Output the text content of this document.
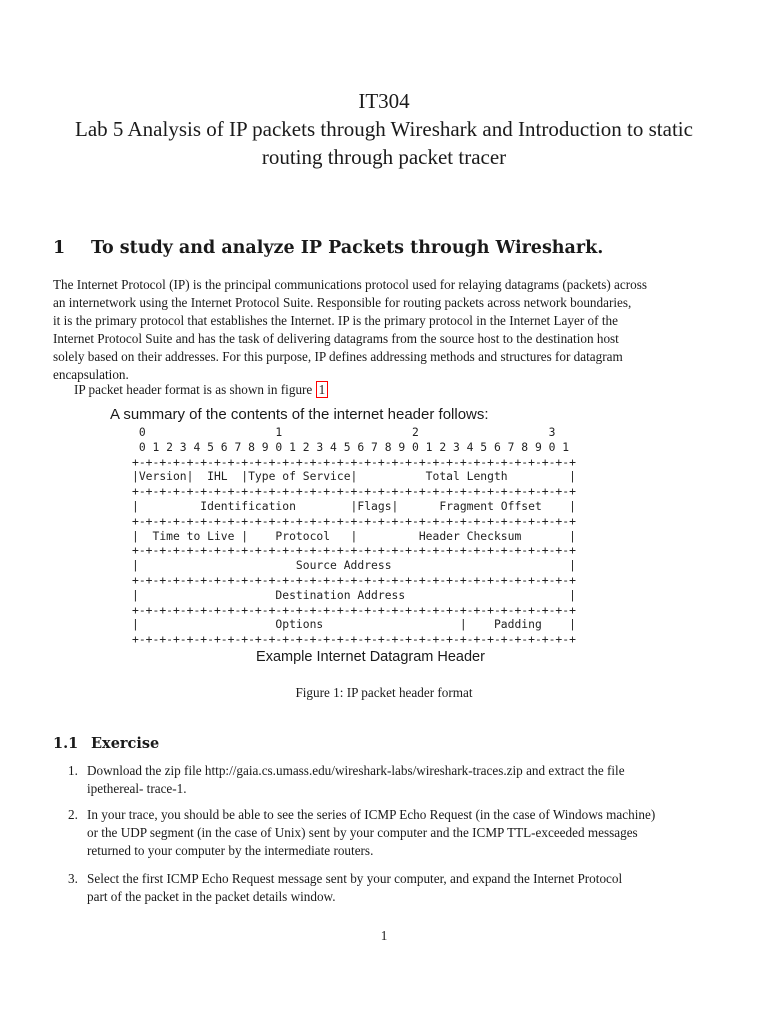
IT304
Lab 5 Analysis of IP packets through Wireshark and Introduction to static
routing through packet tracer
1 To study and analyze IP Packets through Wireshark.
The Internet Protocol (IP) is the principal communications protocol used for relaying datagrams (packets) across
an internetwork using the Internet Protocol Suite. Responsible for routing packets across network boundaries,
it is the primary protocol that establishes the Internet. IP is the primary protocol in the Internet Layer of the
Internet Protocol Suite and has the task of delivering datagrams from the source host to the destination host
solely based on their addresses. For this purpose, IP defines addressing methods and structures for datagram
encapsulation.
IP packet header format is as shown in figure 1
A summary of the contents of the internet header follows:
0                   1                   2                   3
0 1 2 3 4 5 6 7 8 9 0 1 2 3 4 5 6 7 8 9 0 1 2 3 4 5 6 7 8 9 0 1
+-+-+-+-+-+-+-+-+-+-+-+-+-+-+-+-+-+-+-+-+-+-+-+-+-+-+-+-+-+-+-+-+
|Version|  IHL  |Type of Service|          Total Length         |
+-+-+-+-+-+-+-+-+-+-+-+-+-+-+-+-+-+-+-+-+-+-+-+-+-+-+-+-+-+-+-+-+
|         Identification        |Flags|      Fragment Offset    |
+-+-+-+-+-+-+-+-+-+-+-+-+-+-+-+-+-+-+-+-+-+-+-+-+-+-+-+-+-+-+-+-+
|  Time to Live |    Protocol   |         Header Checksum       |
+-+-+-+-+-+-+-+-+-+-+-+-+-+-+-+-+-+-+-+-+-+-+-+-+-+-+-+-+-+-+-+-+
|                       Source Address                          |
+-+-+-+-+-+-+-+-+-+-+-+-+-+-+-+-+-+-+-+-+-+-+-+-+-+-+-+-+-+-+-+-+
|                    Destination Address                        |
+-+-+-+-+-+-+-+-+-+-+-+-+-+-+-+-+-+-+-+-+-+-+-+-+-+-+-+-+-+-+-+-+
|                    Options                    |    Padding    |
+-+-+-+-+-+-+-+-+-+-+-+-+-+-+-+-+-+-+-+-+-+-+-+-+-+-+-+-+-+-+-+-+
Example Internet Datagram Header
Figure 1: IP packet header format
1.1 Exercise
1. Download the zip file http://gaia.cs.umass.edu/wireshark-labs/wireshark-traces.zip and extract the file
ipethereal- trace-1.
2. In your trace, you should be able to see the series of ICMP Echo Request (in the case of Windows machine)
or the UDP segment (in the case of Unix) sent by your computer and the ICMP TTL-exceeded messages
returned to your computer by the intermediate routers.
3. Select the first ICMP Echo Request message sent by your computer, and expand the Internet Protocol
part of the packet in the packet details window.
1
